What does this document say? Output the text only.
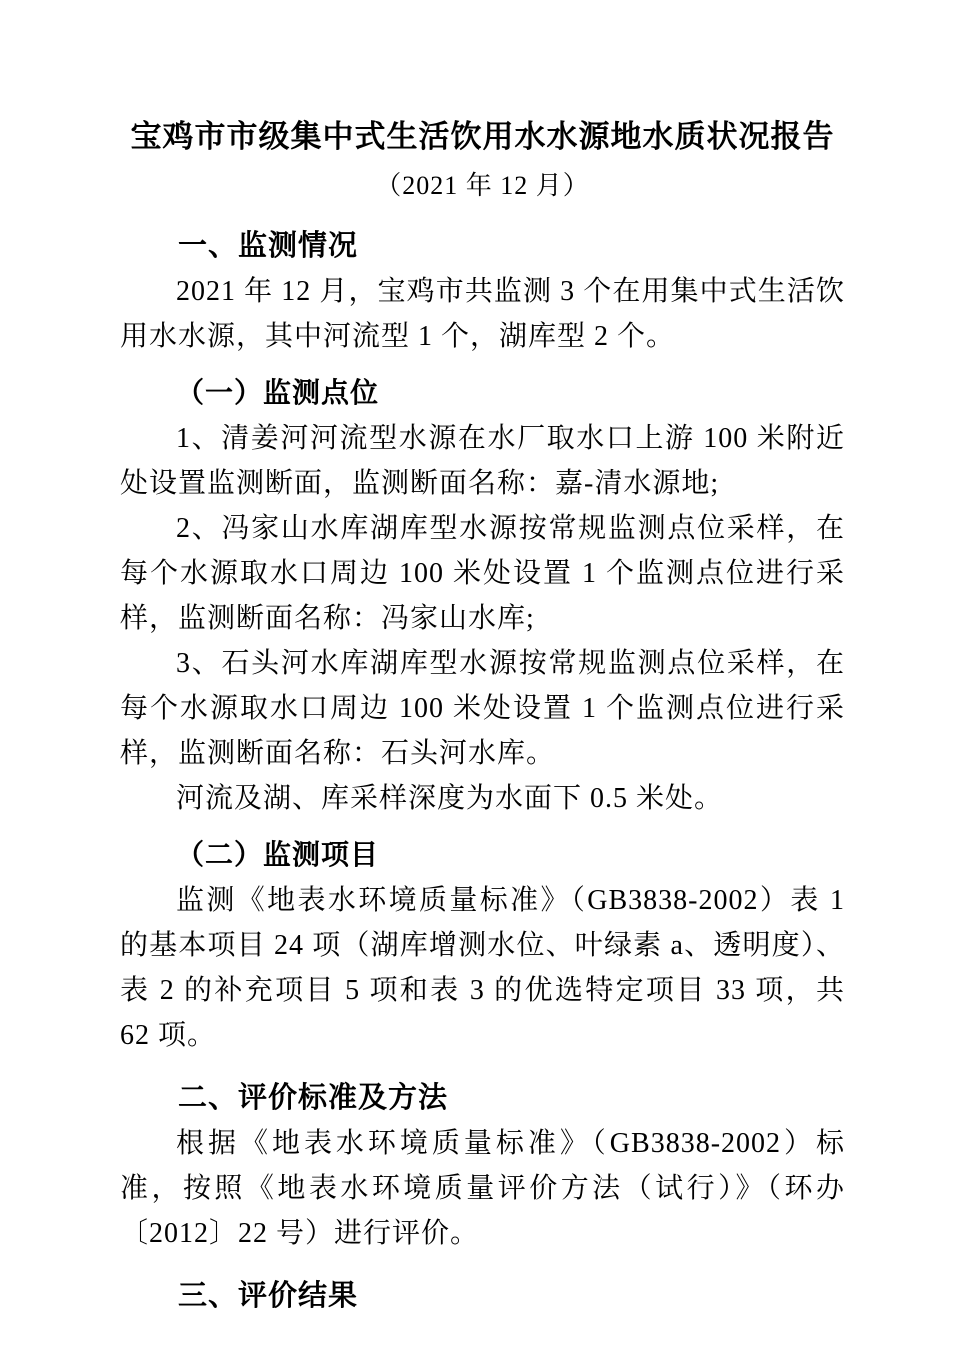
宝鸡市市级集中式生活饮用水水源地水质状况报告
（2021 年 12 月）
一、监测情况

2021 年 12 月，宝鸡市共监测 3 个在用集中式生活饮用水水源，其中河流型 1 个，湖库型 2 个。

（一）监测点位

1、清姜河河流型水源在水厂取水口上游 100 米附近处设置监测断面，监测断面名称：嘉-清水源地;

2、冯家山水库湖库型水源按常规监测点位采样，在每个水源取水口周边 100 米处设置 1 个监测点位进行采样，监测断面名称：冯家山水库;

3、石头河水库湖库型水源按常规监测点位采样，在每个水源取水口周边 100 米处设置 1 个监测点位进行采样，监测断面名称：石头河水库。

河流及湖、库采样深度为水面下 0.5 米处。

（二）监测项目

监测《地表水环境质量标准》（GB3838-2002）表 1 的基本项目 24 项（湖库增测水位、叶绿素 a、透明度）、表 2 的补充项目 5 项和表 3 的优选特定项目 33 项，共 62 项。

二、评价标准及方法

根据《地表水环境质量标准》（GB3838-2002）标准，按照《地表水环境质量评价方法（试行）》（环办〔2012〕22 号）进行评价。

三、评价结果
